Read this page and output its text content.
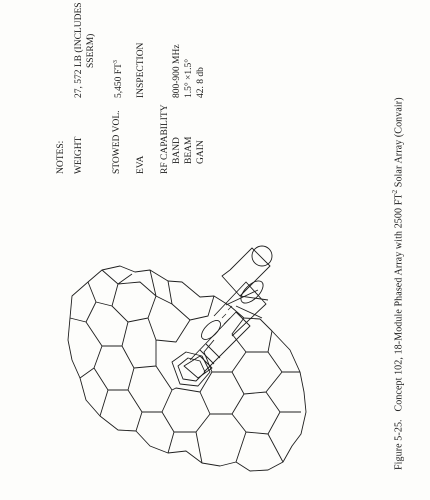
NOTES: WEIGHT
27, 572 LB (INCLUDES SSERM)
STOWED VOL.
5,450 $FT^3$
EVA
INSPECTION
RF CAPABILITY BAND
800-900 MHz
BEAM
1.5° ×1.5°
GAIN
42. 8 db
Figure 5-25.   Concept 102, 18-Module Phased Array with 2500 $FT^2$ Solar Array (Convair)
